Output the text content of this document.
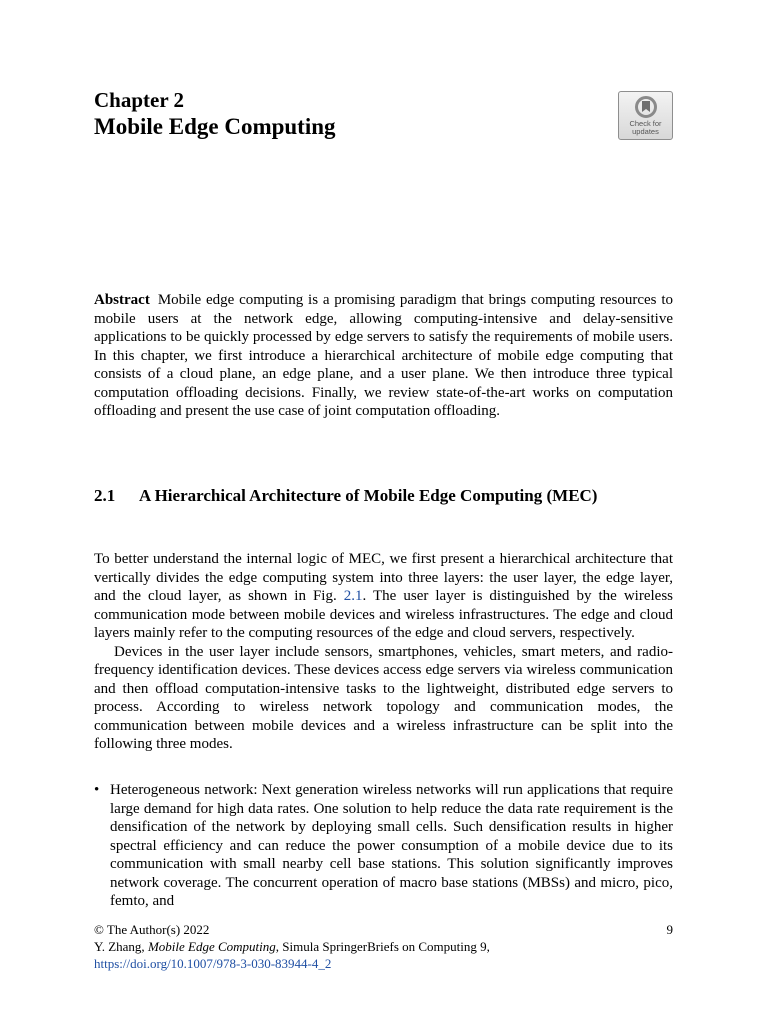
Chapter 2
Mobile Edge Computing	Check for
updates
Abstract Mobile edge computing is a promising paradigm that brings computing resources to mobile users at the network edge, allowing computing-intensive and delay-sensitive applications to be quickly processed by edge servers to satisfy the requirements of mobile users. In this chapter, we first introduce a hierarchical architecture of mobile edge computing that consists of a cloud plane, an edge plane, and a user plane. We then introduce three typical computation offloading decisions. Finally, we review state-of-the-art works on computation offloading and present the use case of joint computation offloading.
2.1 A Hierarchical Architecture of Mobile Edge Computing (MEC)

To better understand the internal logic of MEC, we first present a hierarchical architecture that vertically divides the edge computing system into three layers: the user layer, the edge layer, and the cloud layer, as shown in Fig. 2.1. The user layer is distinguished by the wireless communication mode between mobile devices and wireless infrastructures. The edge and cloud layers mainly refer to the computing resources of the edge and cloud servers, respectively.

Devices in the user layer include sensors, smartphones, vehicles, smart meters, and radio-frequency identification devices. These devices access edge servers via wireless communication and then offload computation-intensive tasks to the lightweight, distributed edge servers to process. According to wireless network topology and communication modes, the communication between mobile devices and a wireless infrastructure can be split into the following three modes.

• Heterogeneous network: Next generation wireless networks will run applications that require large demand for high data rates. One solution to help reduce the data rate requirement is the densification of the network by deploying small cells. Such densification results in higher spectral efficiency and can reduce the power consumption of a mobile device due to its communication with small nearby cell base stations. This solution significantly improves network coverage. The concurrent operation of macro base stations (MBSs) and micro, pico, femto, and
© The Author(s) 2022
Y. Zhang, Mobile Edge Computing, Simula SpringerBriefs on Computing 9,
https://doi.org/10.1007/978-3-030-83944-4_2
9
